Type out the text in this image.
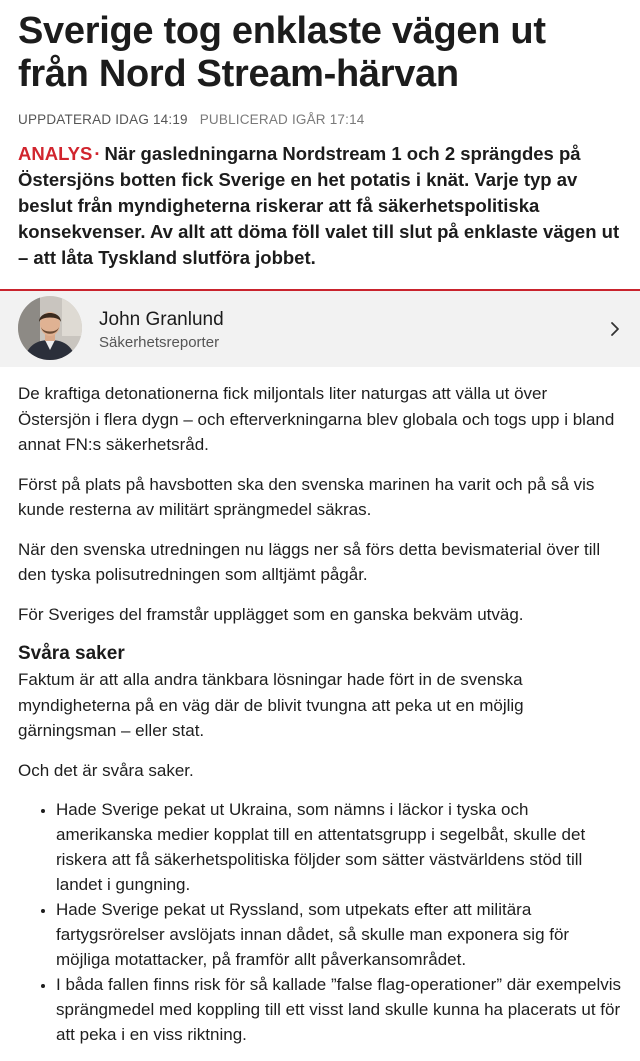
Sverige tog enklaste vägen ut från Nord Stream-härvan
UPPDATERAD IDAG 14:19 PUBLICERAD IGÅR 17:14

ANALYS · När gasledningarna Nordstream 1 och 2 sprängdes på Östersjöns botten fick Sverige en het potatis i knät. Varje typ av beslut från myndigheterna riskerar att få säkerhetspolitiska konsekvenser. Av allt att döma föll valet till slut på enklaste vägen ut – att låta Tyskland slutföra jobbet.

John Granlund
Säkerhetsreporter

De kraftiga detonationerna fick miljontals liter naturgas att välla ut över Östersjön i flera dygn – och efterverkningarna blev globala och togs upp i bland annat FN:s säkerhetsråd.

Först på plats på havsbotten ska den svenska marinen ha varit och på så vis kunde resterna av militärt sprängmedel säkras.

När den svenska utredningen nu läggs ner så förs detta bevismaterial över till den tyska polisutredningen som alltjämt pågår.

För Sveriges del framstår upplägget som en ganska bekväm utväg.

Svåra saker

Faktum är att alla andra tänkbara lösningar hade fört in de svenska myndigheterna på en väg där de blivit tvungna att peka ut en möjlig gärningsman – eller stat.

Och det är svåra saker.

• Hade Sverige pekat ut Ukraina, som nämns i läckor i tyska och amerikanska medier kopplat till en attentatsgrupp i segelbåt, skulle det riskera att få säkerhetspolitiska följder som sätter västvärldens stöd till landet i gungning.
• Hade Sverige pekat ut Ryssland, som utpekats efter att militära fartygsrörelser avslöjats innan dådet, så skulle man exponera sig för möjliga motattacker, på framför allt påverkansområdet.
• I båda fallen finns risk för så kallade ”false flag-operationer” där exempelvis sprängmedel med koppling till ett visst land skulle kunna ha placerats ut för att peka i en viss riktning.
